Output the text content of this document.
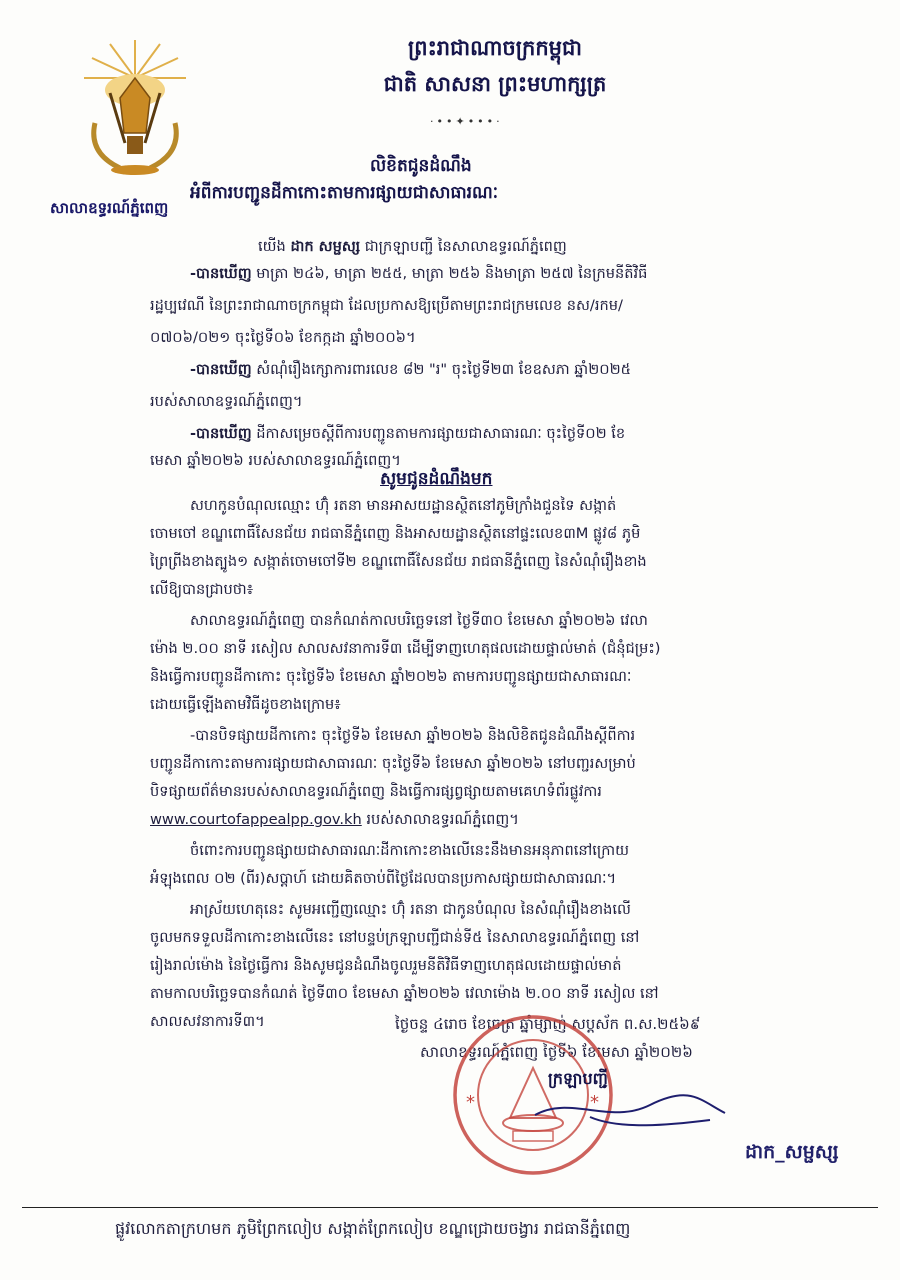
សាលាឧទ្ធរណ៍ភ្នំពេញ
ព្រះរាជាណាចក្រកម្ពុជា
ជាតិ សាសនា ព្រះមហាក្សត្រ
·••✦•••·
លិខិតជូនដំណឹង
អំពីការបញ្ជូនដីកាកោះតាមការផ្សាយជាសាធារណៈ
យើង ដាក សម្ផស្ស ជាក្រឡាបញ្ជី នៃសាលាឧទ្ធរណ៍ភ្នំពេញ
-បានឃើញ មាត្រា ២៤៦, មាត្រា ២៥៥, មាត្រា ២៥៦ និងមាត្រា ២៥៧ នៃក្រមនីតិវិធី
រដ្ឋប្បវេណី នៃព្រះរាជាណាចក្រកម្ពុជា ដែលប្រកាសឱ្យប្រើតាមព្រះរាជក្រមលេខ នស/រកម/
០៧០៦/០២១ ចុះថ្ងៃទី០៦ ខែកក្កដា ឆ្នាំ២០០៦។
-បានឃើញ សំណុំរឿងក្សោការពារលេខ ៨២ "រ" ចុះថ្ងៃទី២៣ ខែឧសភា ឆ្នាំ២០២៥
របស់សាលាឧទ្ធរណ៍ភ្នំពេញ។
-បានឃើញ ដីកាសម្រេចស្ដីពីការបញ្ជូនតាមការផ្សាយជាសាធារណៈ ចុះថ្ងៃទី០២ ខែ
មេសា ឆ្នាំ២០២៦ របស់សាលាឧទ្ធរណ៍ភ្នំពេញ។
សូមជូនដំណឹងមក
សហកូនបំណុលឈ្មោះ ហ៊ុំ រតនា មានអាសយដ្ឋានស្ថិតនៅភូមិក្រាំងជួនទៃ សង្កាត់
ចោមចៅ ខណ្ឌពោធិ៍សែនជ័យ រាជធានីភ្នំពេញ និងអាសយដ្ឋានស្ថិតនៅផ្ទះលេខ៣M ផ្លូវ៨ ភូមិ
ព្រៃព្រីងខាងត្បូង១ សង្កាត់ចោមចៅទី២ ខណ្ឌពោធិ៍សែនជ័យ រាជធានីភ្នំពេញ នៃសំណុំរឿងខាង
លើឱ្យបានជ្រាបថា៖
សាលាឧទ្ធរណ៍ភ្នំពេញ បានកំណត់កាលបរិច្ឆេទនៅ ថ្ងៃទី៣០ ខែមេសា ឆ្នាំ២០២៦ វេលា
ម៉ោង ២.០០ នាទី រសៀល សាលសវនាការទី៣ ដើម្បីទាញហេតុផលដោយផ្ទាល់មាត់ (ជំនុំជម្រះ)
និងធ្វើការបញ្ជូនដីកាកោះ ចុះថ្ងៃទី៦ ខែមេសា ឆ្នាំ២០២៦ តាមការបញ្ជូនផ្សាយជាសាធារណៈ
ដោយធ្វើឡើងតាមវិធីដូចខាងក្រោម៖
-បានបិទផ្សាយដីកាកោះ ចុះថ្ងៃទី៦ ខែមេសា ឆ្នាំ២០២៦ និងលិខិតជូនដំណឹងស្ដីពីការ
បញ្ជូនដីកាកោះតាមការផ្សាយជាសាធារណៈ ចុះថ្ងៃទី៦ ខែមេសា ឆ្នាំ២០២៦ នៅបញ្ជរសម្រាប់
បិទផ្សាយព័ត៌មានរបស់សាលាឧទ្ធរណ៍ភ្នំពេញ និងធ្វើការផ្សព្វផ្សាយតាមគេហទំព័រផ្លូវការ
www.courtofappealpp.gov.kh របស់សាលាឧទ្ធរណ៍ភ្នំពេញ។
ចំពោះការបញ្ជូនផ្សាយជាសាធារណៈដីកាកោះខាងលើនេះនឹងមានអនុភាពនៅក្រោយ
អំឡុងពេល ០២ (ពីរ)សប្ដាហ៍ ដោយគិតចាប់ពីថ្ងៃដែលបានប្រកាសផ្សាយជាសាធារណៈ។
អាស្រ័យហេតុនេះ សូមអញ្ជើញឈ្មោះ ហ៊ុំ រតនា ជាកូនបំណុល នៃសំណុំរឿងខាងលើ
ចូលមកទទួលដីកាកោះខាងលើនេះ នៅបន្ទប់ក្រឡាបញ្ជីជាន់ទី៥ នៃសាលាឧទ្ធរណ៍ភ្នំពេញ នៅ
រៀងរាល់ម៉ោង នៃថ្ងៃធ្វើការ និងសូមជូនដំណឹងចូលរួមនីតិវិធីទាញហេតុផលដោយផ្ទាល់មាត់
តាមកាលបរិច្ឆេទបានកំណត់ ថ្ងៃទី៣០ ខែមេសា ឆ្នាំ២០២៦ វេលាម៉ោង ២.០០ នាទី រសៀល នៅ
សាលសវនាការទី៣។	ថ្ងៃចន្ទ ៤រោច ខែចេត្រ ឆ្នាំម្សាញ់ សប្តស័ក ព.ស.២៥៦៩
សាលាឧទ្ធរណ៍ភ្នំពេញ ថ្ងៃទី៦ ខែមេសា ឆ្នាំ២០២៦
*	*
ក្រឡាបញ្ជី
ដាក_សម្ផស្ស
ផ្លូវលោកតាក្រហមក ភូមិព្រែកលៀប សង្កាត់ព្រែកលៀប ខណ្ឌជ្រោយចង្វារ រាជធានីភ្នំពេញ
